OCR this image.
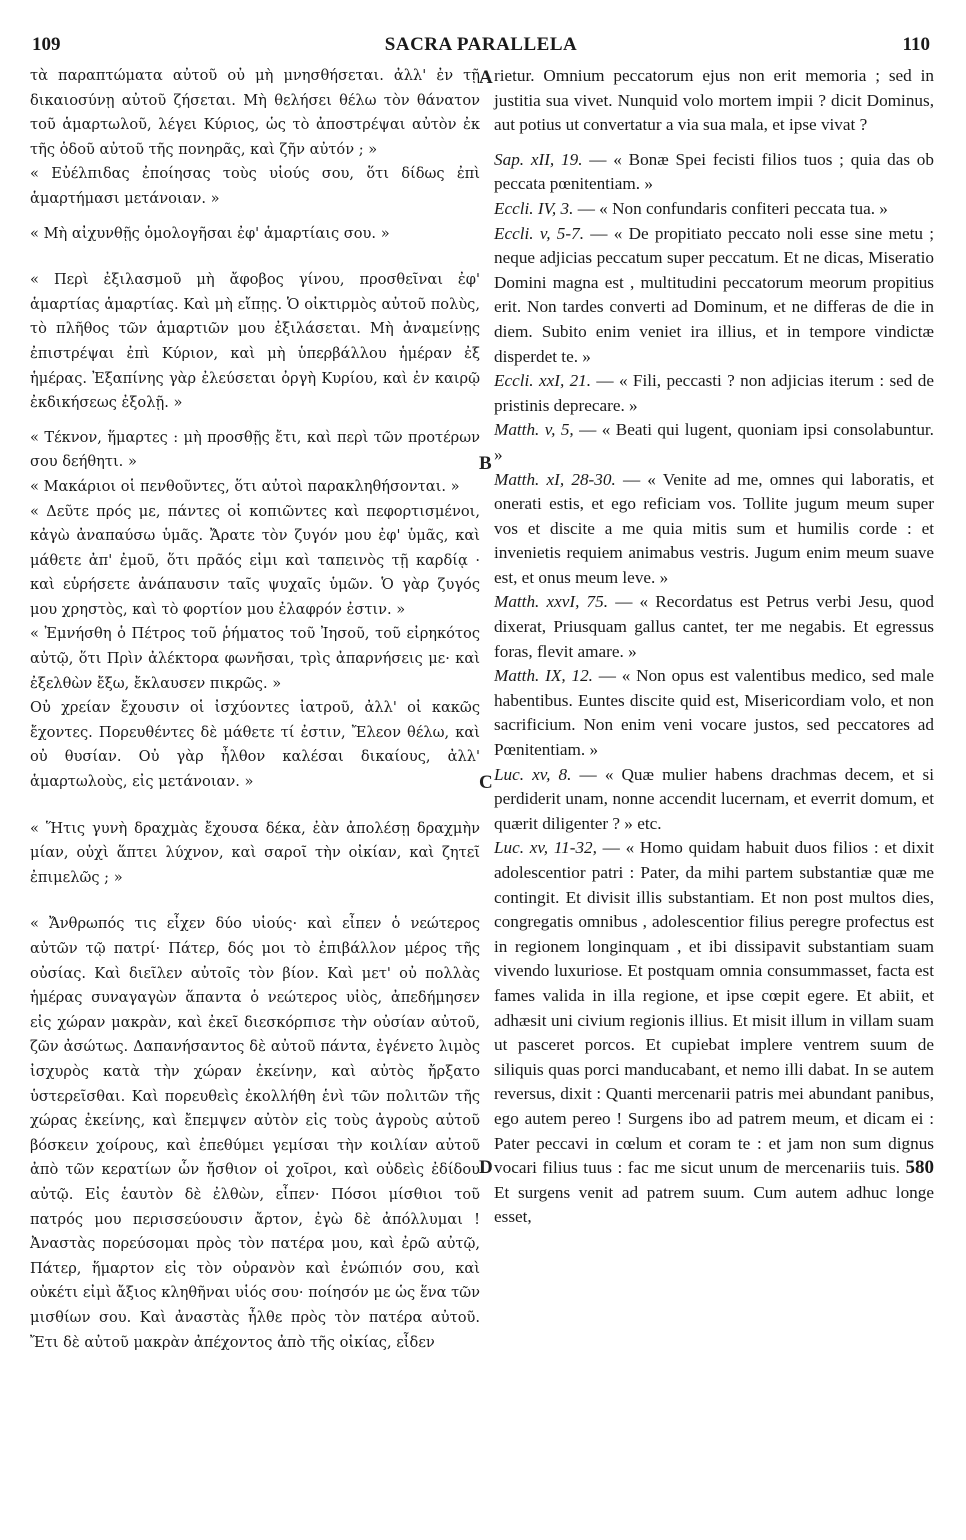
109	SACRA PARALLELA	110
A
B
C
D

τὰ παραπτώματα αὐτοῦ οὐ μὴ μνησθήσεται. ἀλλ' ἐν τῇ δικαιοσύνῃ αὐτοῦ ζήσεται. Μὴ θελήσει θέλω τὸν θάνατον τοῦ ἁμαρτωλοῦ, λέγει Κύριος, ὡς τὸ ἀποστρέψαι αὐτὸν ἐκ τῆς ὁδοῦ αὐτοῦ τῆς πονηρᾶς, καὶ ζῆν αὐτόν ; »

« Εὐέλπιδας ἐποίησας τοὺς υἱούς σου, ὅτι δίδως ἐπὶ ἁμαρτήμασι μετάνοιαν. »

« Μὴ αἰχυνθῇς ὁμολογῆσαι ἐφ' ἁμαρτίαις σου. »

« Περὶ ἐξιλασμοῦ μὴ ἄφοβος γίνου, προσθεῖναι ἐφ' ἁμαρτίας ἁμαρτίας. Καὶ μὴ εἴπῃς. Ὁ οἰκτιρμὸς αὐτοῦ πολὺς, τὸ πλῆθος τῶν ἁμαρτιῶν μου ἐξιλάσεται. Μὴ ἀναμείνῃς ἐπιστρέψαι ἐπὶ Κύριον, καὶ μὴ ὑπερβάλλου ἡμέραν ἐξ ἡμέρας. Ἐξαπίνης γὰρ ἐλεύσεται ὀργὴ Κυρίου, καὶ ἐν καιρῷ ἐκδικήσεως ἐξολῇ. »

« Τέκνον, ἥμαρτες : μὴ προσθῇς ἔτι, καὶ περὶ τῶν προτέρων σου δεήθητι. »

« Μακάριοι οἱ πενθοῦντες, ὅτι αὐτοὶ παρακληθήσονται. »

« Δεῦτε πρός με, πάντες οἱ κοπιῶντες καὶ πεφορτισμένοι, κἀγὼ ἀναπαύσω ὑμᾶς. Ἄρατε τὸν ζυγόν μου ἐφ' ὑμᾶς, καὶ μάθετε ἀπ' ἐμοῦ, ὅτι πρᾶός εἰμι καὶ ταπεινὸς τῇ καρδίᾳ · καὶ εὑρήσετε ἀνάπαυσιν ταῖς ψυχαῖς ὑμῶν. Ὁ γὰρ ζυγός μου χρηστὸς, καὶ τὸ φορτίον μου ἐλαφρόν ἐστιν. »

« Ἐμνήσθη ὁ Πέτρος τοῦ ῥήματος τοῦ Ἰησοῦ, τοῦ εἰρηκότος αὐτῷ, ὅτι Πρὶν ἀλέκτορα φωνῆσαι, τρὶς ἀπαρνήσεις με· καὶ ἐξελθὼν ἔξω, ἔκλαυσεν πικρῶς. »

Οὐ χρείαν ἔχουσιν οἱ ἰσχύοντες ἰατροῦ, ἀλλ' οἱ κακῶς ἔχοντες. Πορευθέντες δὲ μάθετε τί ἐστιν, Ἔλεον θέλω, καὶ οὐ θυσίαν. Οὐ γὰρ ἦλθον καλέσαι δικαίους, ἀλλ' ἁμαρτωλοὺς, εἰς μετάνοιαν. »

« Ἥτις γυνὴ δραχμὰς ἔχουσα δέκα, ἐὰν ἀπολέσῃ δραχμὴν μίαν, οὐχὶ ἅπτει λύχνον, καὶ σαροῖ τὴν οἰκίαν, καὶ ζητεῖ ἐπιμελῶς ; »

« Ἄνθρωπός τις εἶχεν δύο υἱούς· καὶ εἶπεν ὁ νεώτερος αὐτῶν τῷ πατρί· Πάτερ, δός μοι τὸ ἐπιβάλλον μέρος τῆς οὐσίας. Καὶ διεῖλεν αὐτοῖς τὸν βίον. Καὶ μετ' οὐ πολλὰς ἡμέρας συναγαγὼν ἅπαντα ὁ νεώτερος υἱὸς, ἀπεδήμησεν εἰς χώραν μακρὰν, καὶ ἐκεῖ διεσκόρπισε τὴν οὐσίαν αὐτοῦ, ζῶν ἀσώτως. Δαπανήσαντος δὲ αὐτοῦ πάντα, ἐγένετο λιμὸς ἰσχυρὸς κατὰ τὴν χώραν ἐκείνην, καὶ αὐτὸς ἤρξατο ὑστερεῖσθαι. Καὶ πορευθεὶς ἐκολλήθη ἑνὶ τῶν πολιτῶν τῆς χώρας ἐκείνης, καὶ ἔπεμψεν αὐτὸν εἰς τοὺς ἀγροὺς αὐτοῦ βόσκειν χοίρους, καὶ ἐπεθύμει γεμίσαι τὴν κοιλίαν αὐτοῦ ἀπὸ τῶν κερατίων ὧν ἤσθιον οἱ χοῖροι, καὶ οὐδεὶς ἐδίδου αὐτῷ. Εἰς ἑαυτὸν δὲ ἐλθὼν, εἶπεν· Πόσοι μίσθιοι τοῦ πατρός μου περισσεύουσιν ἄρτον, ἐγὼ δὲ ἀπόλλυμαι ! Ἀναστὰς πορεύσομαι πρὸς τὸν πατέρα μου, καὶ ἐρῶ αὐτῷ, Πάτερ, ἥμαρτον εἰς τὸν οὐρανὸν καὶ ἐνώπιόν σου, καὶ οὐκέτι εἰμὶ ἄξιος κληθῆναι υἱός σου· ποίησόν με ὡς ἕνα τῶν μισθίων σου. Καὶ ἀναστὰς ἦλθε πρὸς τὸν πατέρα αὐτοῦ. Ἔτι δὲ αὐτοῦ μακρὰν ἀπέχοντος ἀπὸ τῆς οἰκίας, εἶδεν

rietur. Omnium peccatorum ejus non erit memoria ; sed in justitia sua vivet. Nunquid volo mortem impii ? dicit Dominus, aut potius ut convertatur a via sua mala, et ipse vivat ?

Sap. xII, 19. — « Bonæ Spei fecisti filios tuos ; quia das ob peccata pœnitentiam. »

Eccli. IV, 3. — « Non confundaris confiteri peccata tua. »

Eccli. v, 5-7. — « De propitiato peccato noli esse sine metu ; neque adjicias peccatum super peccatum. Et ne dicas, Miseratio Domini magna est , multitudini peccatorum meorum propitius erit. Non tardes converti ad Dominum, et ne differas de die in diem. Subito enim veniet ira illius, et in tempore vindictæ disperdet te. »

Eccli. xxI, 21. — « Fili, peccasti ? non adjicias iterum : sed de pristinis deprecare. »

Matth. v, 5, — « Beati qui lugent, quoniam ipsi consolabuntur. »

Matth. xI, 28-30. — « Venite ad me, omnes qui laboratis, et onerati estis, et ego reficiam vos. Tollite jugum meum super vos et discite a me quia mitis sum et humilis corde : et invenietis requiem animabus vestris. Jugum enim meum suave est, et onus meum leve. »

Matth. xxvI, 75. — « Recordatus est Petrus verbi Jesu, quod dixerat, Priusquam gallus cantet, ter me negabis. Et egressus foras, flevit amare. »

Matth. IX, 12. — « Non opus est valentibus medico, sed male habentibus. Euntes discite quid est, Misericordiam volo, et non sacrificium. Non enim veni vocare justos, sed peccatores ad Pœnitentiam. »

Luc. xv, 8. — « Quæ mulier habens drachmas decem, et si perdiderit unam, nonne accendit lucernam, et everrit domum, et quærit diligenter ? » etc.

Luc. xv, 11-32, — « Homo quidam habuit duos filios : et dixit adolescentior patri : Pater, da mihi partem substantiæ quæ me contingit. Et divisit illis substantiam. Et non post multos dies, congregatis omnibus , adolescentior filius peregre profectus est in regionem longinquam , et ibi dissipavit substantiam suam vivendo luxuriose. Et postquam omnia consummasset, facta est fames valida in illa regione, et ipse cœpit egere. Et abiit, et adhæsit uni civium regionis illius. Et misit illum in villam suam ut pasceret porcos. Et cupiebat implere ventrem suum de siliquis quas porci manducabant, et nemo illi dabat. In se autem reversus, dixit : Quanti mercenarii patris mei abundant panibus, ego autem pereo ! Surgens ibo ad patrem meum, et dicam ei : Pater peccavi in cœlum et coram te : et jam non sum dignus vocari filius tuus : fac me sicut unum de mercenariis tuis. 580 Et surgens venit ad patrem suum. Cum autem adhuc longe esset,
